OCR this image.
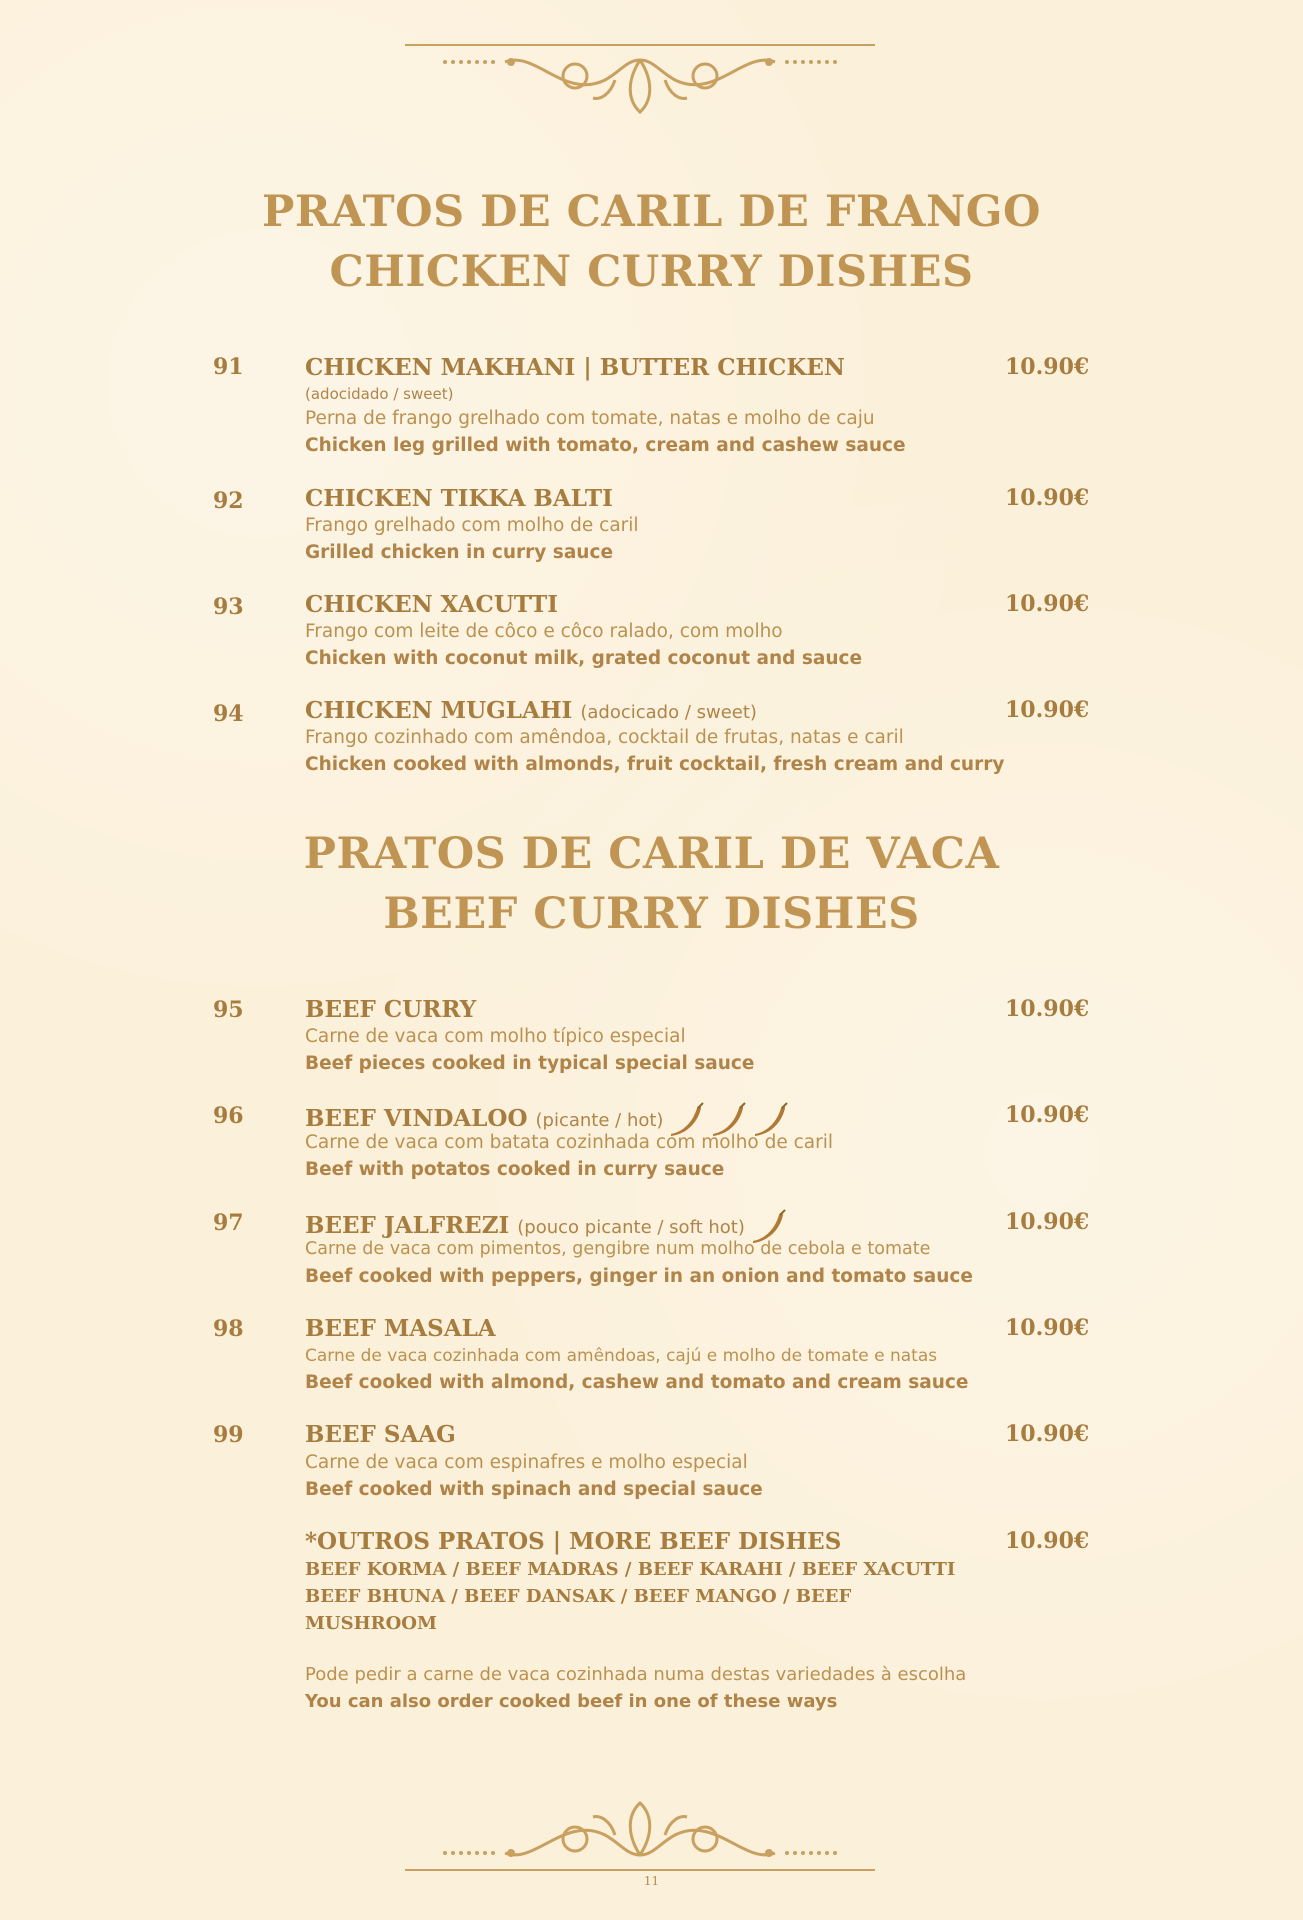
PRATOS DE CARIL DE FRANGO
CHICKEN CURRY DISHES
91	CHICKEN MAKHANI | BUTTER CHICKEN	10.90€
(adocidado / sweet)
Perna de frango grelhado com tomate, natas e molho de caju
Chicken leg grilled with tomato, cream and cashew sauce
92	CHICKEN TIKKA BALTI	10.90€
Frango grelhado com molho de caril
Grilled chicken in curry sauce
93	CHICKEN XACUTTI	10.90€
Frango com leite de côco e côco ralado, com molho
Chicken with coconut milk, grated coconut and sauce
94	CHICKEN MUGLAHI (adocicado / sweet)	10.90€
Frango cozinhado com amêndoa, cocktail de frutas, natas e caril
Chicken cooked with almonds, fruit cocktail, fresh cream and curry
PRATOS DE CARIL DE VACA
BEEF CURRY DISHES
95	BEEF CURRY	10.90€
Carne de vaca com molho típico especial
Beef pieces cooked in typical special sauce
96	BEEF VINDALOO (picante / hot)	10.90€
Carne de vaca com batata cozinhada com molho de caril
Beef with potatos cooked in curry sauce
97	BEEF JALFREZI (pouco picante / soft hot)	10.90€
Carne de vaca com pimentos, gengibre num molho de cebola e tomate
Beef cooked with peppers, ginger in an onion and tomato sauce
98	BEEF MASALA	10.90€
Carne de vaca cozinhada com amêndoas, cajú e molho de tomate e natas
Beef cooked with almond, cashew and tomato and cream sauce
99	BEEF SAAG	10.90€
Carne de vaca com espinafres e molho especial
Beef cooked with spinach and special sauce
*OUTROS PRATOS | MORE BEEF DISHES	10.90€
BEEF KORMA / BEEF MADRAS / BEEF KARAHI / BEEF XACUTTI
BEEF BHUNA / BEEF DANSAK / BEEF MANGO / BEEF
MUSHROOM
Pode pedir a carne de vaca cozinhada numa destas variedades à escolha
You can also order cooked beef in one of these ways
11
